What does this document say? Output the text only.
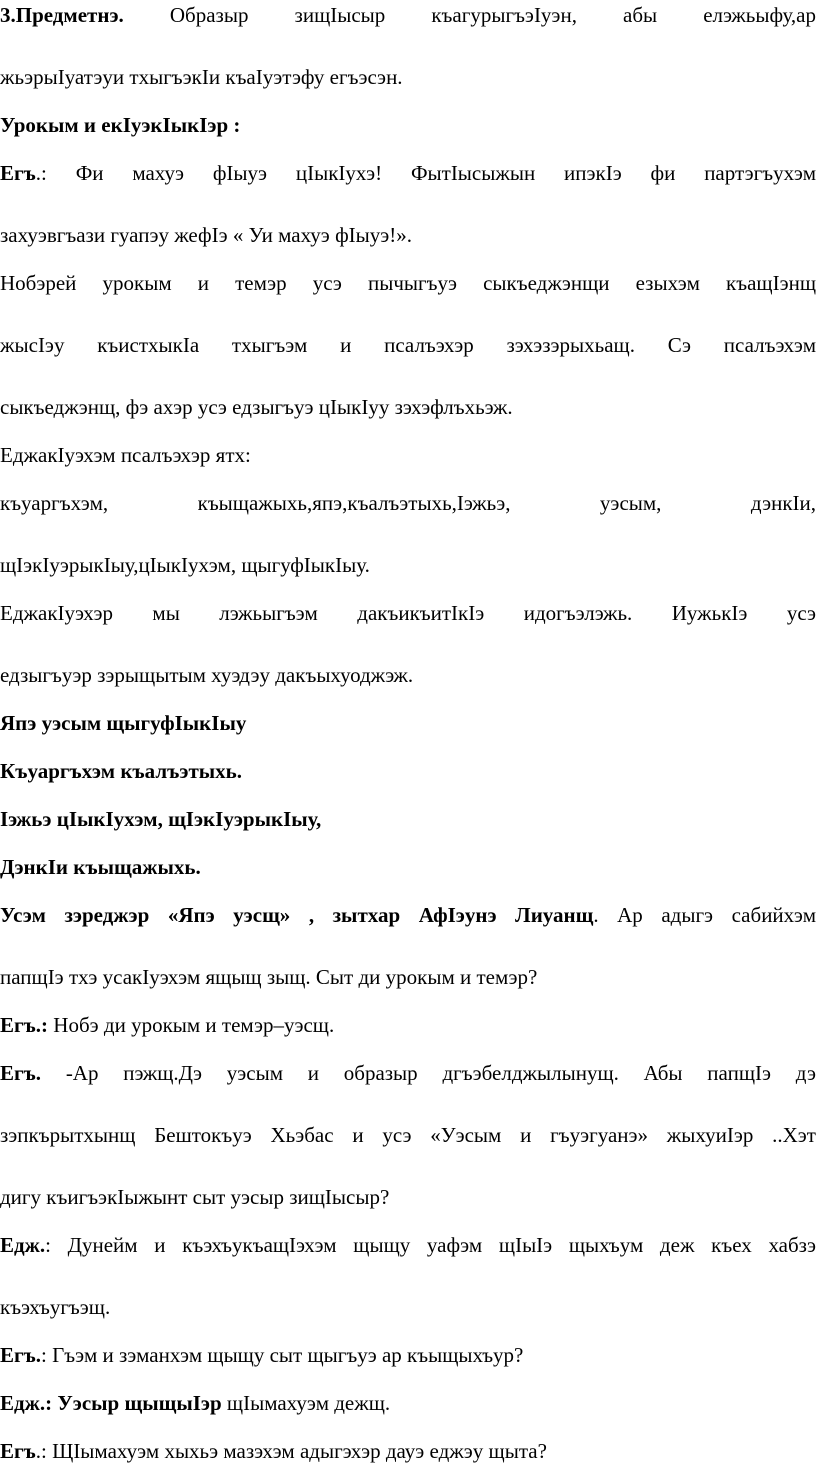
3.Предметнэ. Образыр зищIысыр къагурыгъэIуэн, абы елэжьыфу,ар
жьэрыIуатэуи тхыгъэкIи къаIуэтэфу егъэсэн.

Урокым и екIуэкIыкIэр :

Егъ.: Фи махуэ фIыуэ цIыкIухэ! ФытIысыжын ипэкIэ фи партэгъухэм
захуэвгъази гуапэу жефIэ « Уи махуэ фIыуэ!».

Нобэрей урокым и темэр усэ пычыгъуэ сыкъеджэнщи езыхэм къащIэнщ
жысIэу къистхыкIа тхыгъэм и псалъэхэр зэхэзэрыхьащ. Сэ псалъэхэм
сыкъеджэнщ, фэ ахэр усэ едзыгъуэ цIыкIуу зэхэфлъхьэж.

ЕджакIуэхэм псалъэхэр ятх:

къуаргъхэм, къыщажыхь,япэ,къалъэтыхь,Iэжьэ, уэсым, дэнкIи,
щIэкIуэрыкIыу,цIыкIухэм, щыгуфIыкIыу.

ЕджакIуэхэр мы лэжьыгъэм дакъикъитIкIэ идогъэлэжь. ИужькIэ усэ
едзыгъуэр зэрыщытым хуэдэу дакъыхуоджэж.

Япэ уэсым щыгуфIыкIыу

Къуаргъхэм къалъэтыхь.

Iэжьэ цIыкIухэм, щIэкIуэрыкIыу,

ДэнкIи къыщажыхь.

Усэм зэреджэр «Япэ уэсщ» , зытхар АфIэунэ Лиуанщ. Ар адыгэ сабийхэм
папщIэ тхэ усакIуэхэм ящыщ зыщ. Сыт ди урокым и темэр?

Егъ.: Нобэ ди урокым и темэр–уэсщ.

Егъ. -Ар пэжщ.Дэ уэсым и образыр дгъэбелджылынущ. Абы папщIэ дэ
зэпкърытхынщ Бештокъуэ Хьэбас и усэ «Уэсым и гъуэгуанэ» жыхуиIэр ..Хэт
дигу къигъэкIыжынт сыт уэсыр зищIысыр?

Едж.: Дунейм и къэхъукъащIэхэм щыщу уафэм щIыIэ щыхъум деж къех хабзэ
къэхъугъэщ.

Егъ.: Гъэм и зэманхэм щыщу сыт щыгъуэ ар къыщыхъур?

Едж.: Уэсыр щыщыIэр щIымахуэм дежщ.

Егъ.: ЩIымахуэм хыхьэ мазэхэм адыгэхэр дауэ еджэу щыта?
